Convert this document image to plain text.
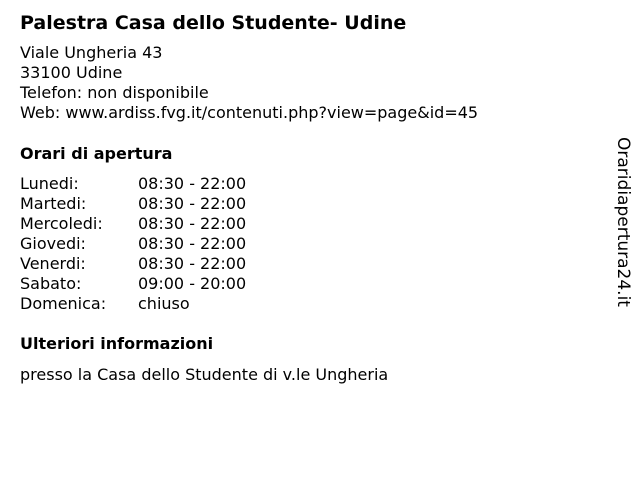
Palestra Casa dello Studente- Udine
Viale Ungheria 43
33100 Udine
Telefon: non disponibile
Web: www.ardiss.fvg.it/contenuti.php?view=page&id=45
Orari di apertura
Lunedi:	08:30 - 22:00
Martedi:	08:30 - 22:00
Mercoledi: 08:30 - 22:00
Giovedi:	08:30 - 22:00
Venerdi:	08:30 - 22:00
Sabato:	09:00 - 20:00
Domenica: chiuso
Ulteriori informazioni
presso la Casa dello Studente di v.le Ungheria
Oraridiapertura24.it
